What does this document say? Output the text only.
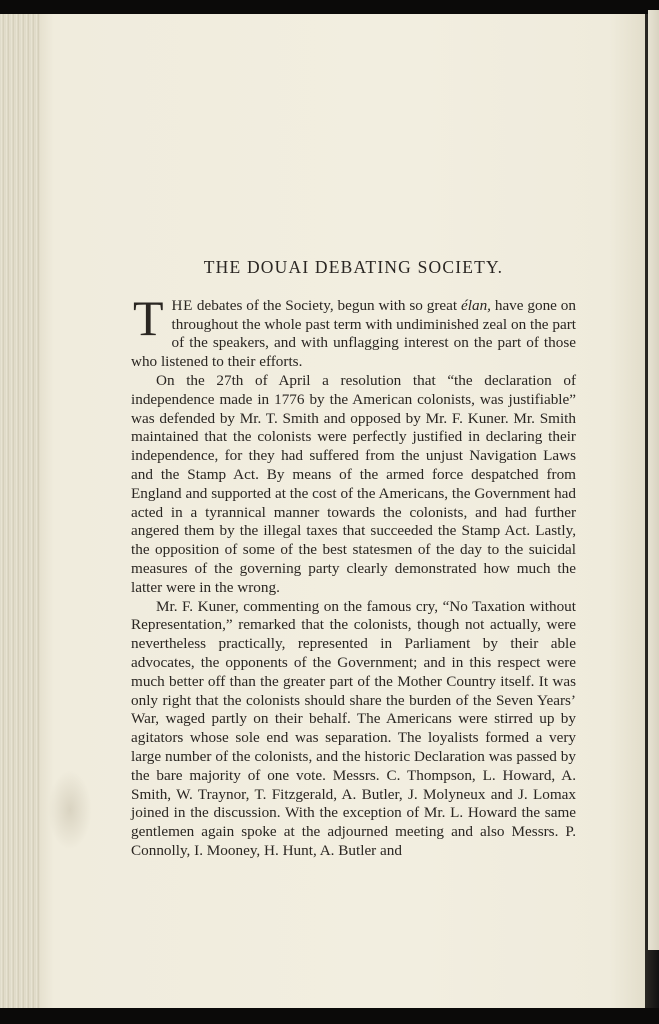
THE DOUAI DEBATING SOCIETY.

THE debates of the Society, begun with so great élan, have gone on throughout the whole past term with undiminished zeal on the part of the speakers, and with unflagging interest on the part of those who listened to their efforts.

On the 27th of April a resolution that “the declaration of independence made in 1776 by the American colonists, was justifiable” was defended by Mr. T. Smith and opposed by Mr. F. Kuner. Mr. Smith maintained that the colonists were perfectly justified in declaring their independence, for they had suffered from the unjust Navigation Laws and the Stamp Act. By means of the armed force despatched from England and supported at the cost of the Americans, the Government had acted in a tyrannical manner towards the colonists, and had further angered them by the illegal taxes that succeeded the Stamp Act. Lastly, the opposition of some of the best statesmen of the day to the suicidal measures of the governing party clearly demonstrated how much the latter were in the wrong.

Mr. F. Kuner, commenting on the famous cry, “No Taxation without Representation,” remarked that the colonists, though not actually, were nevertheless practically, represented in Parliament by their able advocates, the opponents of the Government; and in this respect were much better off than the greater part of the Mother Country itself. It was only right that the colonists should share the burden of the Seven Years’ War, waged partly on their behalf. The Americans were stirred up by agitators whose sole end was separation. The loyalists formed a very large number of the colonists, and the historic Declaration was passed by the bare majority of one vote. Messrs. C. Thompson, L. Howard, A. Smith, W. Traynor, T. Fitzgerald, A. Butler, J. Molyneux and J. Lomax joined in the discussion. With the exception of Mr. L. Howard the same gentlemen again spoke at the adjourned meeting and also Messrs. P. Connolly, I. Mooney, H. Hunt, A. Butler and
